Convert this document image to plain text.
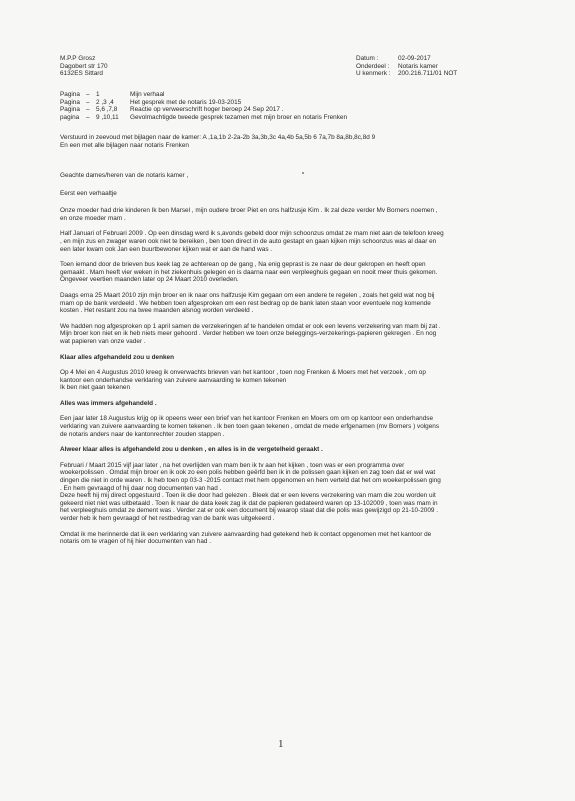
M.P.P Grosz
Dagobert str 170
6132ES Sittard
Datum :	02-09-2017
Onderdeel :	Notaris kamer
U kenmerk :	200.216.711/01 NOT
Pagina	–	1	Mijn verhaal
Pagina	–	2 ,3 ,4	Het gesprek met de notaris 19-03-2015
Pagina	–	5,6 ,7,8	Reactie op verweerschrift hoger beroep 24 Sep 2017 .
pagina	–	9 ,10,11	Gevolmachtigde tweede gesprek tezamen met mijn broer en notaris Frenken
Verstuurd in zeevoud met bijlagen naar de kamer: A ,1a,1b 2-2a-2b 3a,3b,3c 4a,4b 5a,5b 6 7a,7b 8a,8b,8c,8d 9
En een met alle bijlagen naar notaris Frenken
Geachte dames/heren van de notaris kamer ,
Eerst een verhaaltje
Onze moeder had drie kinderen Ik ben Marsel , mijn oudere broer Piet en ons halfzusje Kim . Ik zal deze verder Mv Borners noemen ,
en onze moeder mam .
Half Januari of Februari 2009 . Op een dinsdag werd ik s,avonds gebeld door mijn schoonzus omdat ze mam niet aan de telefoon kreeg
, en mijn zus en zwager waren ook niet te bereiken , ben toen direct in de auto gestapt en gaan kijken mijn schoonzus was al daar en
een later kwam ook Jan een buurtbewoner kijken wat er aan de hand was .
Toen iemand door de brieven bus keek lag ze achterean op de gang , Na enig geprast is ze naar de deur gekropen en heeft open
gemaakt . Mam heeft vier weken in het ziekenhuis gelegen en is daarna naar een verpleeghuis gegaan en nooit meer thuis gekomen.
Ongeveer veertien maanden later op 24 Maart 2010 overleden.
Daags erna 25 Maart 2010 zijn mijn broer en ik naar ons halfzusje Kim gegaan om een andere te regelen , zoals het geld wat nog bij
mam op de bank verdeeld . We hebben toen afgesproken om een rest bedrag op de bank laten staan voor eventuele nog komende
kosten . Het restant zou na twee maanden alsnog worden verdeeld .
We hadden nog afgesproken op 1 april samen de verzekeringen af te handelen omdat er ook een levens verzekering van mam bij zat .
Mijn broer kon niet en ik heb niets meer gehoord . Verder hebben we toen onze beleggings-verzekerings-papieren gekregen . En nog
wat papieren van onze vader .
Klaar alles afgehandeld zou u denken
Op 4 Mei en 4 Augustus 2010 kreeg ik onverwachts brieven van het kantoor , toen nog Frenken & Moers met het verzoek , om op
kantoor een onderhandse verklaring van zuivere aanvaarding te komen tekenen
Ik ben niet gaan tekenen
Alles was immers afgehandeld .
Een jaar later 18 Augustus krijg op ik opeens weer een brief van het kantoor Frenken en Moers om om op kantoor een onderhandse
verklaring van zuivere aanvaarding te komen tekenen . Ik ben toen gaan tekenen , omdat de mede erfgenamen (mv Borners ) volgens
de notaris anders naar de kantonrechter zouden stappen .
Alweer klaar alles is afgehandeld zou u denken , en alles is in de vergetelheid geraakt .
Februari / Maart 2015 vijf jaar later , na het overlijden van mam ben ik tv aan het kijken , toen was er een programma over
woekerpolissen . Omdat mijn broer en ik ook zo een polis hebben geërfd ben ik in de polissen gaan kijken en zag toen dat er wel wat
dingen die niet in orde waren . Ik heb toen op 03-3 -2015 contact met hem opgenomen en hem verteld dat het om woekerpolissen ging
. En hem gevraagd of hij daar nog documenten van had .
Deze heeft hij mij direct opgestuurd . Toen ik die door had gelezen . Bleek dat er een levens verzekering van mam die zou worden uit
gekeerd niet niet was uitbetaald . Toen ik naar de data keek zag ik dat de papieren gedateerd waren op 13-102009 , toen was mam in
het verpleeghuis omdat ze dement was . Verder zat er ook een document bij waarop staat dat die polis was gewijzigd op 21-10-2009 .
verder heb ik hem gevraagd of het restbedrag van de bank was uitgekeerd .
Omdat ik me herinnerde dat ik een verklaring van zuivere aanvaarding had getekend heb ik contact opgenomen met het kantoor de
notaris om te vragen of hij hier documenten van had .
1
